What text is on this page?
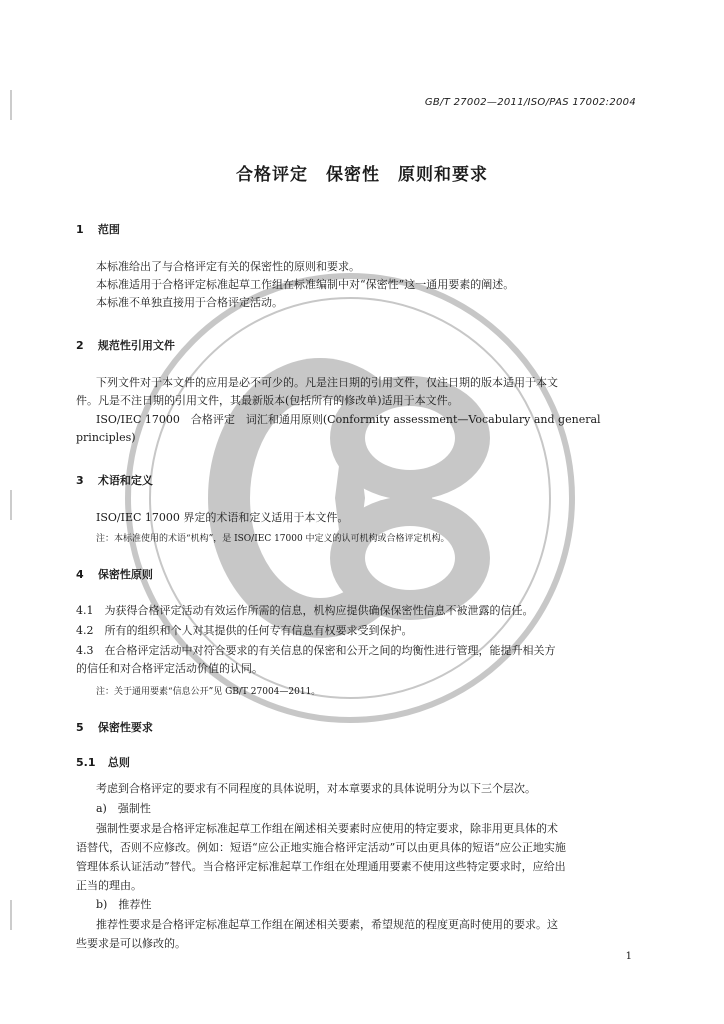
GB/T 27002—2011/ISO/PAS 17002:2004
合格评定　保密性　原则和要求
1 范围
本标准给出了与合格评定有关的保密性的原则和要求。
本标准适用于合格评定标准起草工作组在标准编制中对“保密性”这一通用要素的阐述。
本标准不单独直接用于合格评定活动。
2 规范性引用文件
下列文件对于本文件的应用是必不可少的。凡是注日期的引用文件，仅注日期的版本适用于本文
件。凡是不注日期的引用文件，其最新版本(包括所有的修改单)适用于本文件。
ISO/IEC 17000　合格评定　词汇和通用原则(Conformity assessment—Vocabulary and general
principles)
3 术语和定义
ISO/IEC 17000 界定的术语和定义适用于本文件。
注：本标准使用的术语“机构”，是 ISO/IEC 17000 中定义的认可机构或合格评定机构。
4 保密性原则
4.1　为获得合格评定活动有效运作所需的信息，机构应提供确保保密性信息不被泄露的信任。
4.2　所有的组织和个人对其提供的任何专有信息有权要求受到保护。
4.3　在合格评定活动中对符合要求的有关信息的保密和公开之间的均衡性进行管理，能提升相关方
的信任和对合格评定活动价值的认同。
注：关于通用要素“信息公开”见 GB/T 27004—2011。
5 保密性要求
5.1 总则
考虑到合格评定的要求有不同程度的具体说明，对本章要求的具体说明分为以下三个层次。
a)　强制性
强制性要求是合格评定标准起草工作组在阐述相关要素时应使用的特定要求，除非用更具体的术
语替代，否则不应修改。例如：短语“应公正地实施合格评定活动”可以由更具体的短语“应公正地实施
管理体系认证活动”替代。当合格评定标准起草工作组在处理通用要素不使用这些特定要求时，应给出
正当的理由。
b)　推荐性
推荐性要求是合格评定标准起草工作组在阐述相关要素，希望规范的程度更高时使用的要求。这
些要求是可以修改的。
1
